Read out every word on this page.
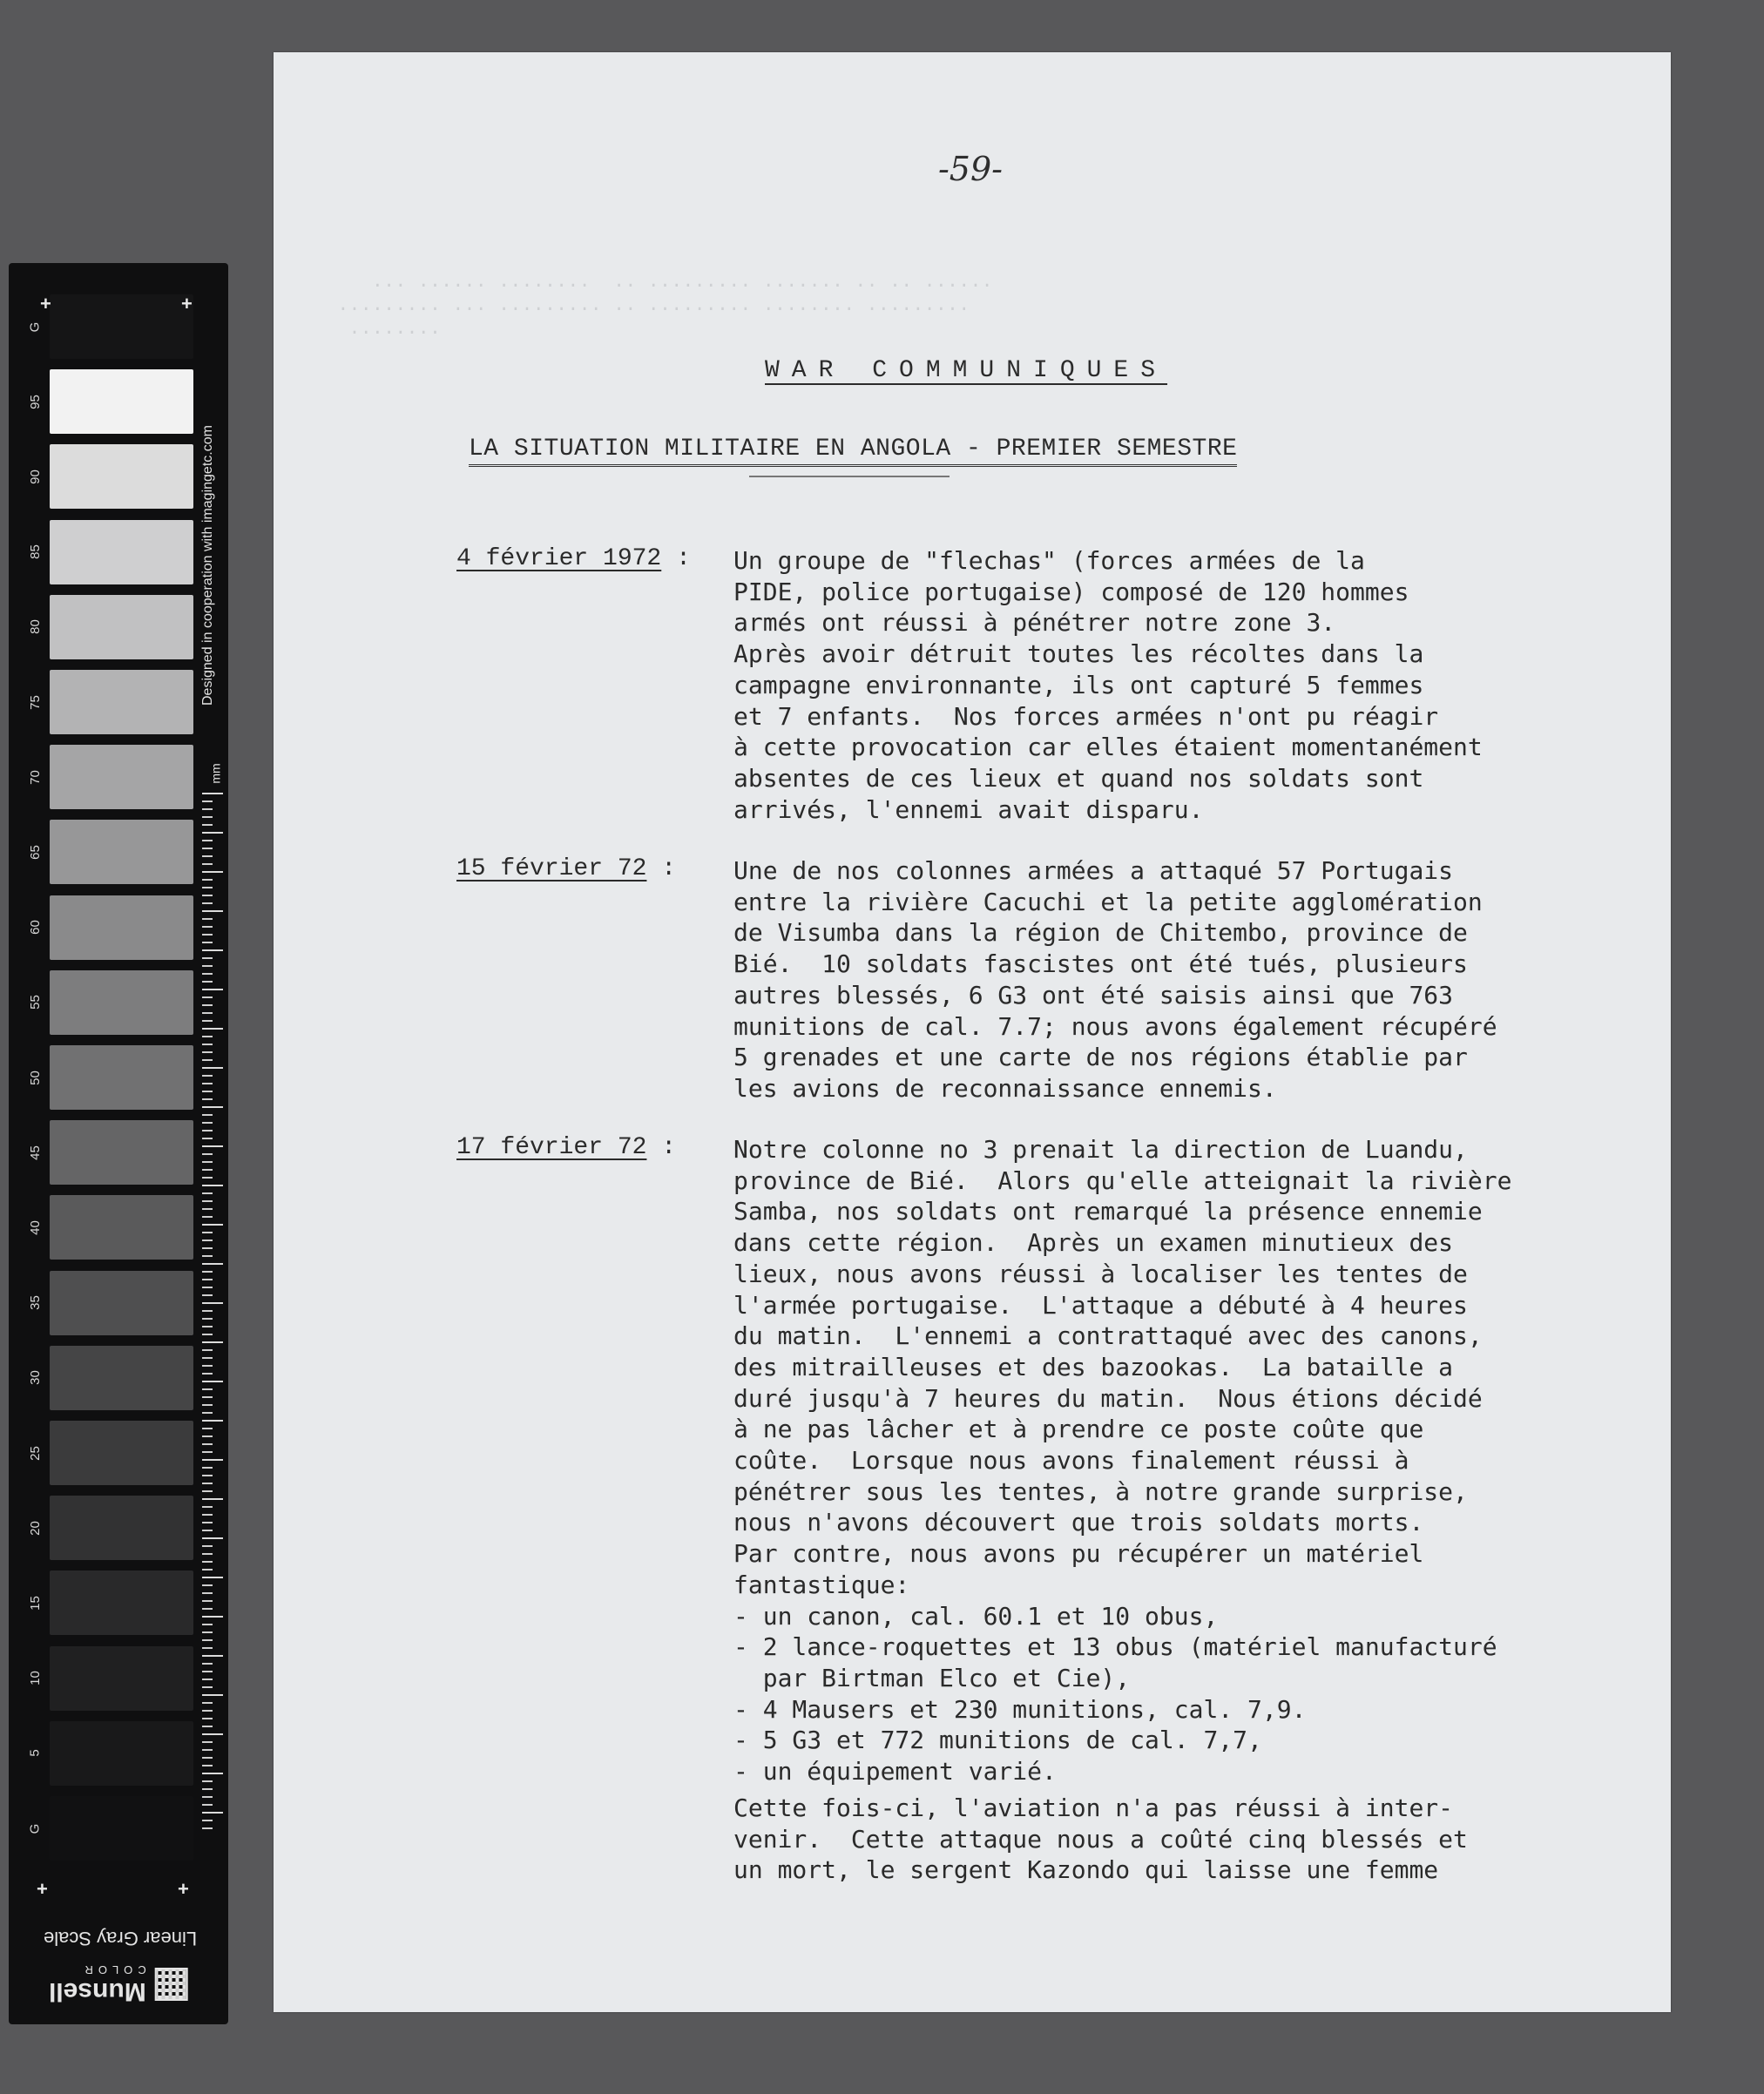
G
95
90
85
80
75
70
65
60
55
50
45
40
35
30
25
20
15
10
5
G
+	+
+	+
Designed in cooperation with imagingetc.com
mm
Linear Gray Scale
Munsell
COLOR
... ...... ........  .. ......... ....... .. .. ......
......... ... ......... .. ......... ........ .........
........
-59-
WAR COMMUNIQUES
LA SITUATION MILITAIRE EN ANGOLA - PREMIER SEMESTRE
4 février 1972 :	Un groupe de "flechas" (forces armées de la
PIDE, police portugaise) composé de 120 hommes
armés ont réussi à pénétrer notre zone 3.
Après avoir détruit toutes les récoltes dans la
campagne environnante, ils ont capturé 5 femmes
et 7 enfants.  Nos forces armées n'ont pu réagir
à cette provocation car elles étaient momentanément
absentes de ces lieux et quand nos soldats sont
arrivés, l'ennemi avait disparu.
15 février 72 :	Une de nos colonnes armées a attaqué 57 Portugais
entre la rivière Cacuchi et la petite agglomération
de Visumba dans la région de Chitembo, province de
Bié.  10 soldats fascistes ont été tués, plusieurs
autres blessés, 6 G3 ont été saisis ainsi que 763
munitions de cal. 7.7; nous avons également récupéré
5 grenades et une carte de nos régions établie par
les avions de reconnaissance ennemis.
17 février 72 :	Notre colonne no 3 prenait la direction de Luandu,
province de Bié.  Alors qu'elle atteignait la rivière
Samba, nos soldats ont remarqué la présence ennemie
dans cette région.  Après un examen minutieux des
lieux, nous avons réussi à localiser les tentes de
l'armée portugaise.  L'attaque a débuté à 4 heures
du matin.  L'ennemi a contrattaqué avec des canons,
des mitrailleuses et des bazookas.  La bataille a
duré jusqu'à 7 heures du matin.  Nous étions décidé
à ne pas lâcher et à prendre ce poste coûte que
coûte.  Lorsque nous avons finalement réussi à
pénétrer sous les tentes, à notre grande surprise,
nous n'avons découvert que trois soldats morts.
Par contre, nous avons pu récupérer un matériel
fantastique:
- un canon, cal. 60.1 et 10 obus,
- 2 lance-roquettes et 13 obus (matériel manufacturé
par Birtman Elco et Cie),
- 4 Mausers et 230 munitions, cal. 7,9.
- 5 G3 et 772 munitions de cal. 7,7,
- un équipement varié.
Cette fois-ci, l'aviation n'a pas réussi à inter-
venir.  Cette attaque nous a coûté cinq blessés et
un mort, le sergent Kazondo qui laisse une femme
